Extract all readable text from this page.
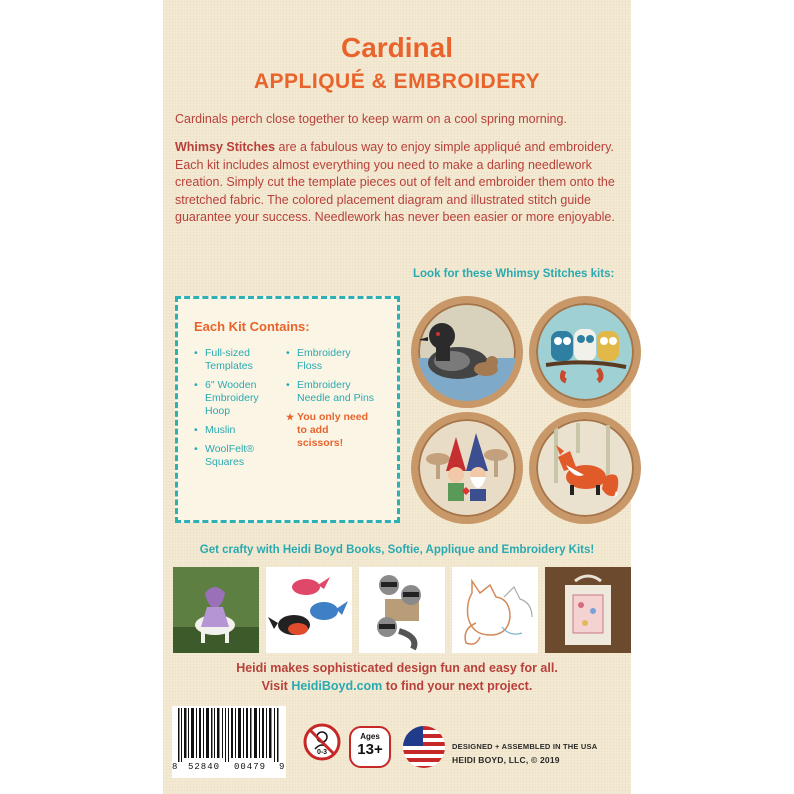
Cardinal
APPLIQUÉ & EMBROIDERY
Cardinals perch close together to keep warm on a cool spring morning.
Whimsy Stitches are a fabulous way to enjoy simple appliqué and embroidery. Each kit includes almost everything you need to make a darling needlework creation. Simply cut the template pieces out of felt and embroider them onto the stretched fabric. The colored placement diagram and illustrated stitch guide guarantee your success. Needlework has never been easier or more enjoyable.
Look for these Whimsy Stitches kits:
Each Kit Contains:
• Full-sized Templates
• 6" Wooden Embroidery Hoop
• Muslin
• WoolFelt® Squares
• Embroidery Floss
• Embroidery Needle and Pins
★ You only need to add scissors!
Get crafty with Heidi Boyd Books, Softie, Applique and Embroidery Kits!
Heidi makes sophisticated design fun and easy for all.
Visit HeidiBoyd.com to find your next project.
8 52840 00479 9
0-3
Ages
13+	DESIGNED + ASSEMBLED IN THE USA
HEIDI BOYD, LLC, © 2019
